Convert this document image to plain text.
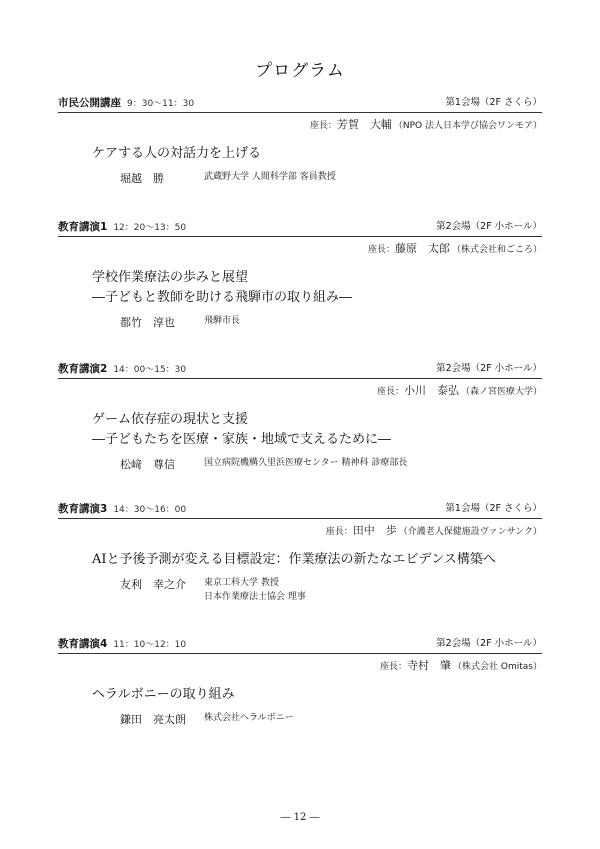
プログラム
市民公開講座 9：30～11：30	第1会場（2F さくら）
座長：芳賀　大輔 （NPO 法人日本学び協会ワンモア）
ケアする人の対話力を上げる
堀越　勝	武蔵野大学 人間科学部 客員教授
教育講演1 12：20～13：50	第2会場（2F 小ホール）
座長：藤原　太郎 （株式会社和ごころ）
学校作業療法の歩みと展望
―子どもと教師を助ける飛騨市の取り組み―
都竹　淳也	飛騨市長
教育講演2 14：00～15：30	第2会場（2F 小ホール）
座長：小川　泰弘 （森ノ宮医療大学）
ゲーム依存症の現状と支援
―子どもたちを医療・家族・地域で支えるために―
松﨑　尊信	国立病院機構久里浜医療センター 精神科 診療部長
教育講演3 14：30～16：00	第1会場（2F さくら）
座長：田中　歩 （介護老人保健施設ヴァンサンク）
AIと予後予測が変える目標設定：作業療法の新たなエビデンス構築へ
友利　幸之介 東京工科大学 教授
日本作業療法士協会 理事
教育講演4 11：10～12：10	第2会場（2F 小ホール）
座長：寺村　肇 （株式会社 Omitas）
ヘラルボニーの取り組み
鎌田　亮太朗 株式会社ヘラルボニー
― 12 ―
